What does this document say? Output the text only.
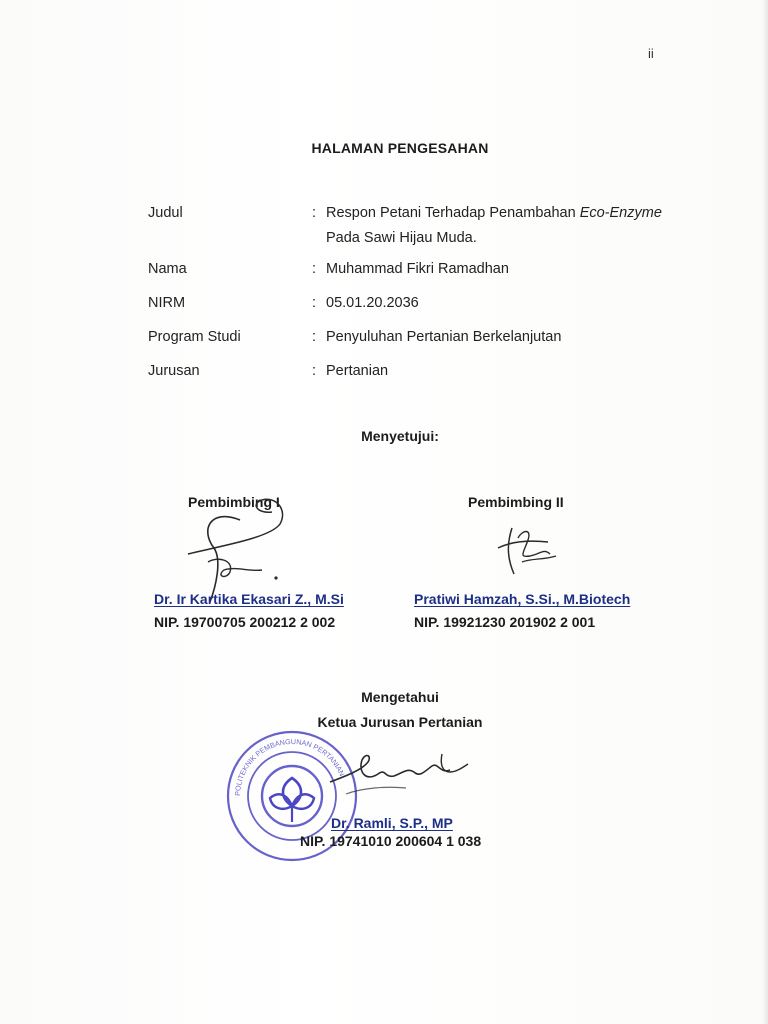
ii
HALAMAN PENGESAHAN
Judul	: Respon Petani Terhadap Penambahan Eco-Enzyme
Pada Sawi Hijau Muda.
Nama	: Muhammad Fikri Ramadhan
NIRM	: 05.01.20.2036
Program Studi	: Penyuluhan Pertanian Berkelanjutan
Jurusan	: Pertanian
Menyetujui:
Pembimbing I	Pembimbing II
Dr. Ir Kartika Ekasari Z., M.Si
NIP. 19700705 200212 2 002
Pratiwi Hamzah, S.Si., M.Biotech
NIP. 19921230 201902 2 001
Mengetahui
Ketua Jurusan Pertanian
POLITEKNIK PEMBANGUNAN PERTANIAN
Dr. Ramli, S.P., MP
NIP. 19741010 200604 1 038
